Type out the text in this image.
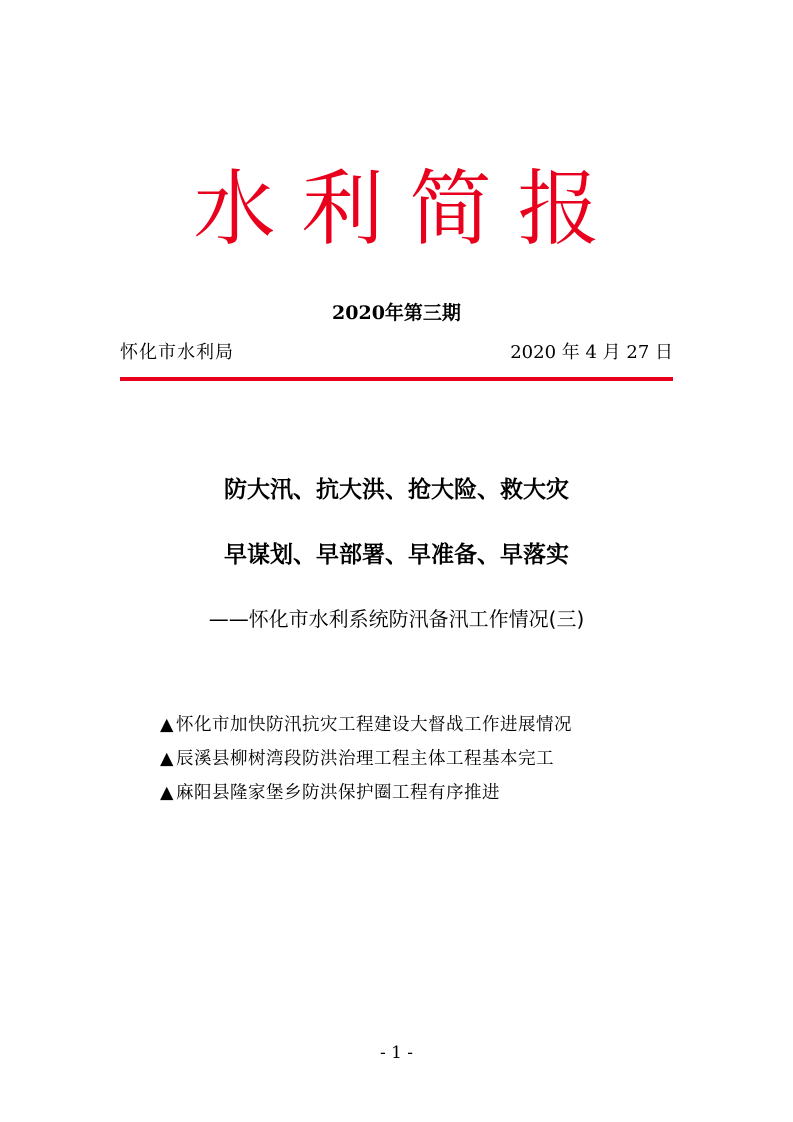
水利简报
2020年第三期
怀化市水利局	2020 年 4 月 27 日
防大汛、抗大洪、抢大险、救大灾
早谋划、早部署、早准备、早落实
——怀化市水利系统防汛备汛工作情况(三)
▲ 怀化市加快防汛抗灾工程建设大督战工作进展情况
▲ 辰溪县柳树湾段防洪治理工程主体工程基本完工
▲ 麻阳县隆家堡乡防洪保护圈工程有序推进
- 1 -
